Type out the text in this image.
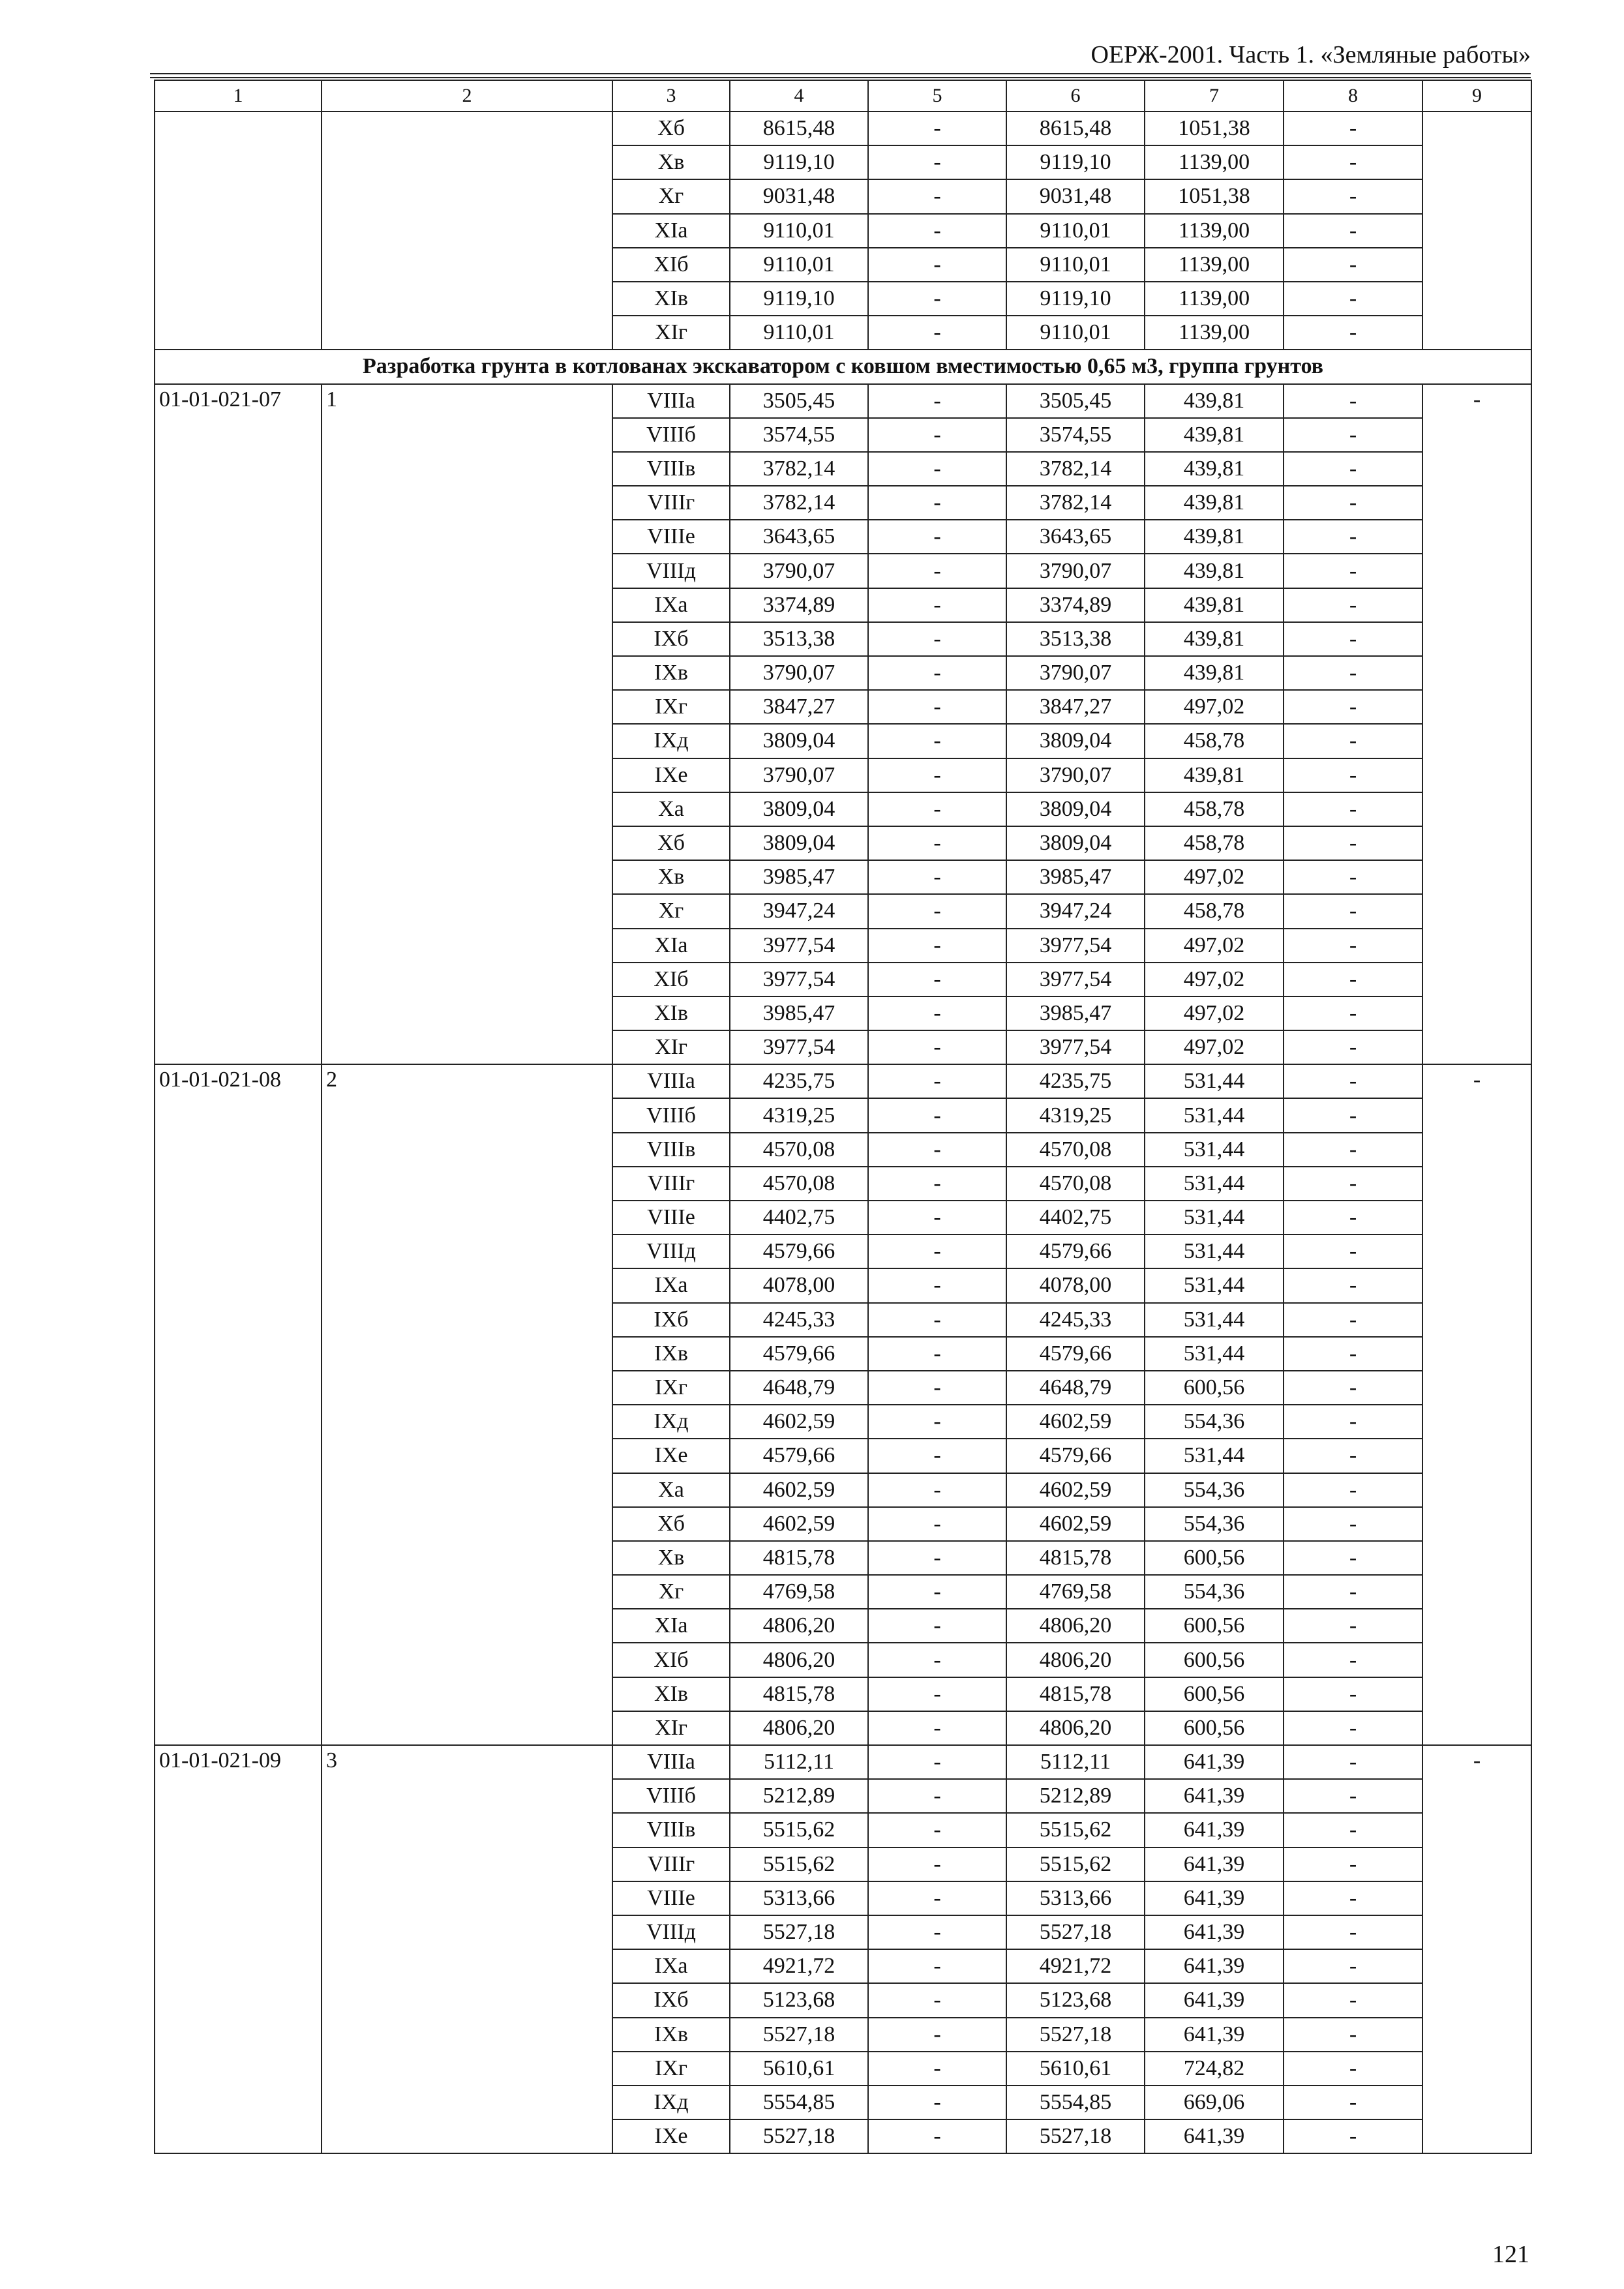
ОЕРЖ-2001. Часть 1. «Земляные работы»
1	2	3	4	5	6	7	8	9
		Хб	8615,48	-	8615,48	1051,38	-	
		Хв	9119,10	-	9119,10	1139,00	-	
		Хг	9031,48	-	9031,48	1051,38	-	
		ХIа	9110,01	-	9110,01	1139,00	-	
		ХIб	9110,01	-	9110,01	1139,00	-	
		ХIв	9119,10	-	9119,10	1139,00	-	
		ХIг	9110,01	-	9110,01	1139,00	-	
Разработка грунта в котлованах экскаватором с ковшом вместимостью 0,65 м3, группа грунтов								
01-01-021-07	1	VIIIа	3505,45	-	3505,45	439,81	-	-
		VIIIб	3574,55	-	3574,55	439,81	-	
		VIIIв	3782,14	-	3782,14	439,81	-	
		VIIIг	3782,14	-	3782,14	439,81	-	
		VIIIе	3643,65	-	3643,65	439,81	-	
		VIIIд	3790,07	-	3790,07	439,81	-	
		IХа	3374,89	-	3374,89	439,81	-	
		IХб	3513,38	-	3513,38	439,81	-	
		IХв	3790,07	-	3790,07	439,81	-	
		IХг	3847,27	-	3847,27	497,02	-	
		IХд	3809,04	-	3809,04	458,78	-	
		IХе	3790,07	-	3790,07	439,81	-	
		Ха	3809,04	-	3809,04	458,78	-	
		Хб	3809,04	-	3809,04	458,78	-	
		Хв	3985,47	-	3985,47	497,02	-	
		Хг	3947,24	-	3947,24	458,78	-	
		ХIа	3977,54	-	3977,54	497,02	-	
		ХIб	3977,54	-	3977,54	497,02	-	
		ХIв	3985,47	-	3985,47	497,02	-	
		ХIг	3977,54	-	3977,54	497,02	-	
01-01-021-08	2	VIIIа	4235,75	-	4235,75	531,44	-	-
		VIIIб	4319,25	-	4319,25	531,44	-	
		VIIIв	4570,08	-	4570,08	531,44	-	
		VIIIг	4570,08	-	4570,08	531,44	-	
		VIIIе	4402,75	-	4402,75	531,44	-	
		VIIIд	4579,66	-	4579,66	531,44	-	
		IХа	4078,00	-	4078,00	531,44	-	
		IХб	4245,33	-	4245,33	531,44	-	
		IХв	4579,66	-	4579,66	531,44	-	
		IХг	4648,79	-	4648,79	600,56	-	
		IХд	4602,59	-	4602,59	554,36	-	
		IХе	4579,66	-	4579,66	531,44	-	
		Ха	4602,59	-	4602,59	554,36	-	
		Хб	4602,59	-	4602,59	554,36	-	
		Хв	4815,78	-	4815,78	600,56	-	
		Хг	4769,58	-	4769,58	554,36	-	
		ХIа	4806,20	-	4806,20	600,56	-	
		ХIб	4806,20	-	4806,20	600,56	-	
		ХIв	4815,78	-	4815,78	600,56	-	
		ХIг	4806,20	-	4806,20	600,56	-	
01-01-021-09	3	VIIIа	5112,11	-	5112,11	641,39	-	-
		VIIIб	5212,89	-	5212,89	641,39	-	
		VIIIв	5515,62	-	5515,62	641,39	-	
		VIIIг	5515,62	-	5515,62	641,39	-	
		VIIIе	5313,66	-	5313,66	641,39	-	
		VIIIд	5527,18	-	5527,18	641,39	-	
		IХа	4921,72	-	4921,72	641,39	-	
		IХб	5123,68	-	5123,68	641,39	-	
		IХв	5527,18	-	5527,18	641,39	-	
		IХг	5610,61	-	5610,61	724,82	-	
		IХд	5554,85	-	5554,85	669,06	-	
		IХе	5527,18	-	5527,18	641,39	-	
121
